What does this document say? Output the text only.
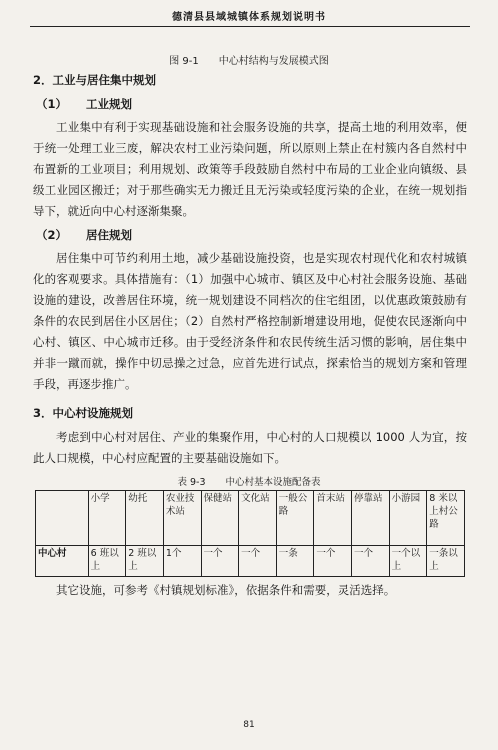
德清县县域城镇体系规划说明书
图 9-1 中心村结构与发展模式图
2．工业与居住集中规划
（1） 工业规划
工业集中有利于实现基础设施和社会服务设施的共享，提高土地的利用效率，便于统一处理工业三废，解决农村工业污染问题，所以原则上禁止在村簇内各自然村中布置新的工业项目；利用规划、政策等手段鼓励自然村中布局的工业企业向镇级、县级工业园区搬迁；对于那些确实无力搬迁且无污染或轻度污染的企业，在统一规划指导下，就近向中心村逐渐集聚。
（2） 居住规划
居住集中可节约利用土地，减少基础设施投资，也是实现农村现代化和农村城镇化的客观要求。具体措施有：（1）加强中心城市、镇区及中心村社会服务设施、基础设施的建设，改善居住环境，统一规划建设不同档次的住宅组团，以优惠政策鼓励有条件的农民到居住小区居住；（2）自然村严格控制新增建设用地，促使农民逐渐向中心村、镇区、中心城市迁移。由于受经济条件和农民传统生活习惯的影响，居住集中并非一蹴而就，操作中切忌操之过急，应首先进行试点，探索恰当的规划方案和管理手段，再逐步推广。
3．中心村设施规划
考虑到中心村对居住、产业的集聚作用，中心村的人口规模以 1000 人为宜，按此人口规模，中心村应配置的主要基础设施如下。
表 9-3 中心村基本设施配备表
	小学	幼托	农业技术站	保健站	文化站	一般公路	首末站	停靠站	小游园	8 米以上村公路
中心村	6 班以上	2 班以上	1个	一个	一个	一条	一个	一个	一个以上	一条以上
其它设施，可参考《村镇规划标准》，依据条件和需要，灵活选择。
81
